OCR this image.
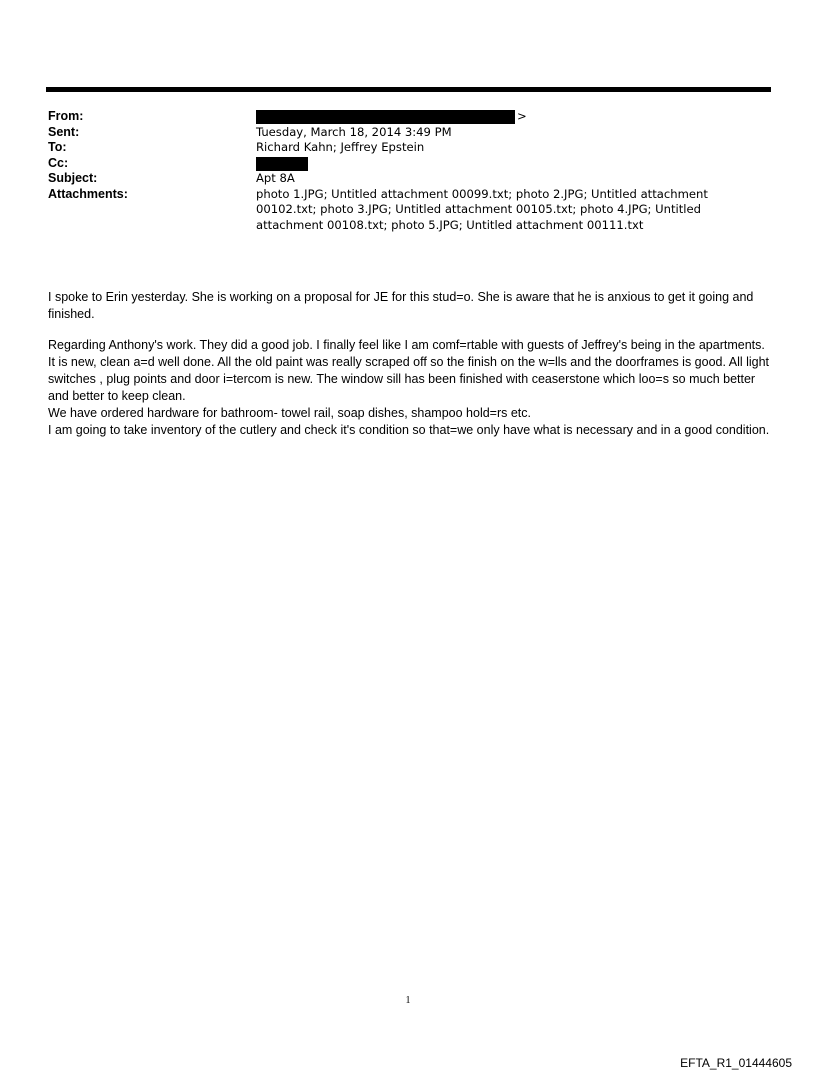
From:	>
Sent:	Tuesday, March 18, 2014 3:49 PM
To:	Richard Kahn; Jeffrey Epstein
Cc:
Subject:	Apt 8A
Attachments:	photo 1.JPG; Untitled attachment 00099.txt; photo 2.JPG; Untitled attachment 00102.txt; photo 3.JPG; Untitled attachment 00105.txt; photo 4.JPG; Untitled attachment 00108.txt; photo 5.JPG; Untitled attachment 00111.txt

I spoke to Erin yesterday. She is working on a proposal for JE for this stud=o. She is aware that he is anxious to get it going and finished.

Regarding Anthony's work. They did a good job. I finally feel like I am comf=rtable with guests of Jeffrey's being in the apartments. It is new, clean a=d well done. All the old paint was really scraped off so the finish on the w=lls and the doorframes is good. All light switches , plug points and door i=tercom is new. The window sill has been finished with ceaserstone which loo=s so much better and better to keep clean.

We have ordered hardware for bathroom- towel rail, soap dishes, shampoo hold=rs etc.

I am going to take inventory of the cutlery and check it's condition so that=we only have what is necessary and in a good condition.

1
EFTA_R1_01444605
